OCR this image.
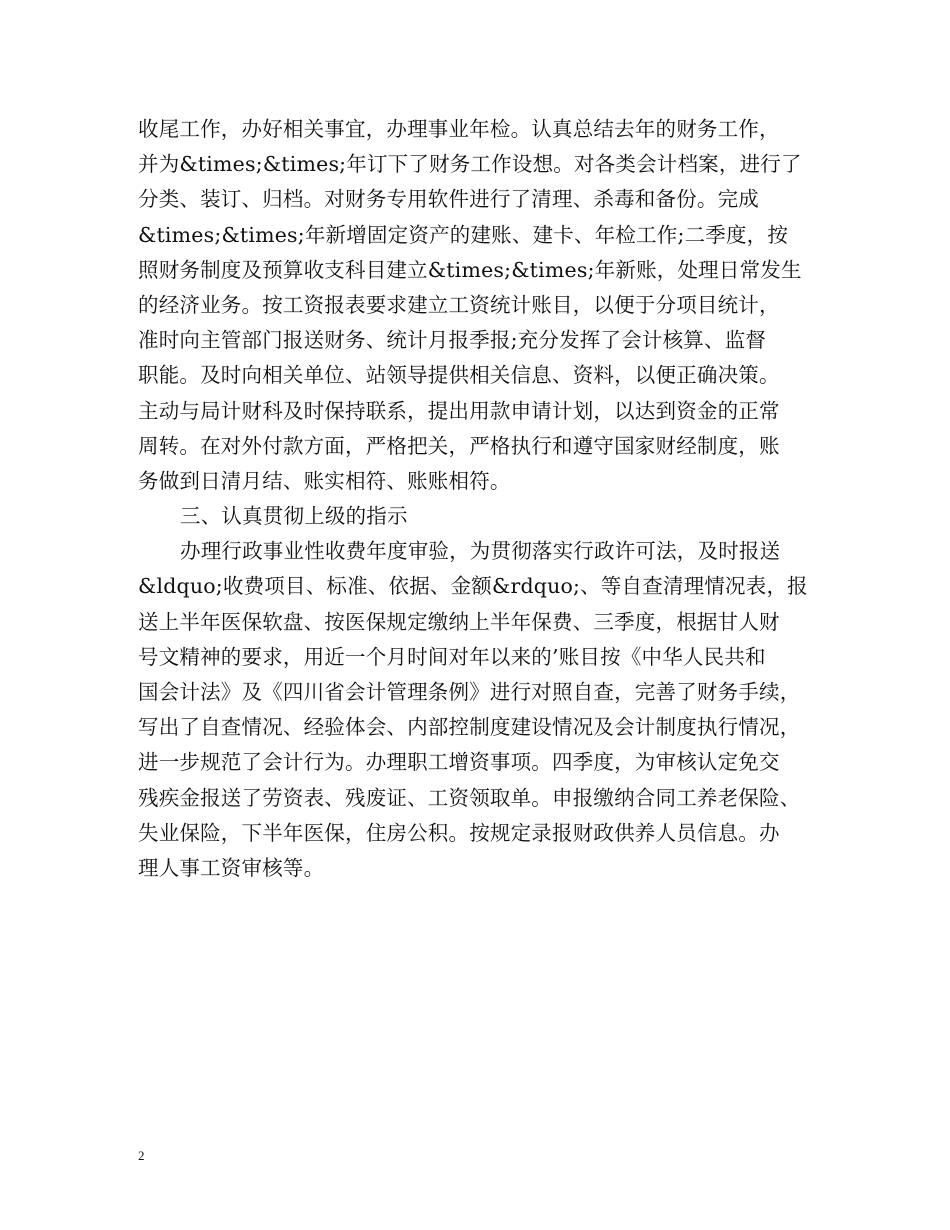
收尾工作，办好相关事宜，办理事业年检。认真总结去年的财务工作，
并为&times;&times;年订下了财务工作设想。对各类会计档案，进行了
分类、装订、归档。对财务专用软件进行了清理、杀毒和备份。完成
&times;&times;年新增固定资产的建账、建卡、年检工作;二季度，按
照财务制度及预算收支科目建立&times;&times;年新账，处理日常发生
的经济业务。按工资报表要求建立工资统计账目，以便于分项目统计，
准时向主管部门报送财务、统计月报季报;充分发挥了会计核算、监督
职能。及时向相关单位、站领导提供相关信息、资料，以便正确决策。
主动与局计财科及时保持联系，提出用款申请计划，以达到资金的正常
周转。在对外付款方面，严格把关，严格执行和遵守国家财经制度，账
务做到日清月结、账实相符、账账相符。
三、认真贯彻上级的指示
办理行政事业性收费年度审验，为贯彻落实行政许可法，及时报送
&ldquo;收费项目、标准、依据、金额&rdquo;、等自查清理情况表，报
送上半年医保软盘、按医保规定缴纳上半年保费、三季度，根据甘人财
号文精神的要求，用近一个月时间对年以来的’账目按《中华人民共和
国会计法》及《四川省会计管理条例》进行对照自查，完善了财务手续，
写出了自查情况、经验体会、内部控制度建设情况及会计制度执行情况，
进一步规范了会计行为。办理职工增资事项。四季度，为审核认定免交
残疾金报送了劳资表、残废证、工资领取单。申报缴纳合同工养老保险、
失业保险，下半年医保，住房公积。按规定录报财政供养人员信息。办
理人事工资审核等。
2
